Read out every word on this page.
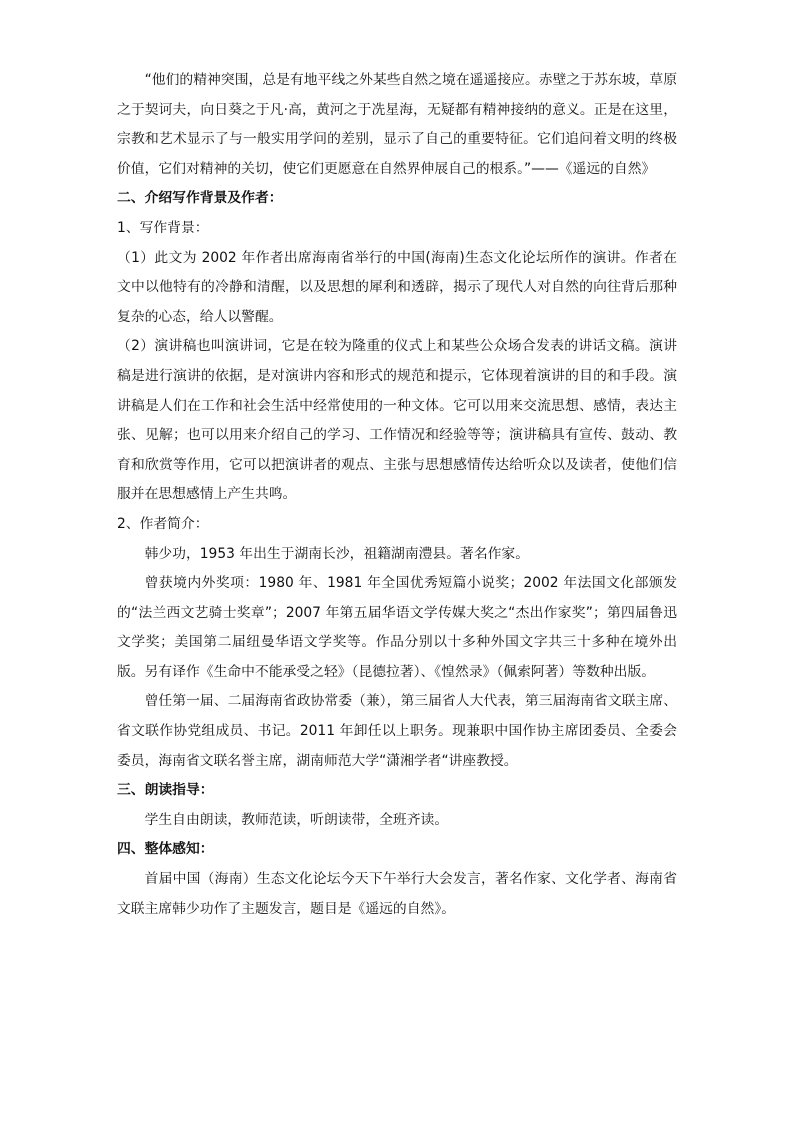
“他们的精神突围，总是有地平线之外某些自然之境在遥遥接应。赤壁之于苏东坡，草原之于契诃夫，向日葵之于凡·高，黄河之于冼星海，无疑都有精神接纳的意义。正是在这里，宗教和艺术显示了与一般实用学问的差别，显示了自己的重要特征。它们追问着文明的终极价值，它们对精神的关切，使它们更愿意在自然界伸展自己的根系。”——《遥远的自然》

二、介绍写作背景及作者：

1、写作背景：

（1）此文为 2002 年作者出席海南省举行的中国(海南)生态文化论坛所作的演讲。作者在文中以他特有的冷静和清醒，以及思想的犀利和透辟，揭示了现代人对自然的向往背后那种复杂的心态，给人以警醒。

（2）演讲稿也叫演讲词，它是在较为隆重的仪式上和某些公众场合发表的讲话文稿。演讲稿是进行演讲的依据，是对演讲内容和形式的规范和提示，它体现着演讲的目的和手段。演讲稿是人们在工作和社会生活中经常使用的一种文体。它可以用来交流思想、感情，表达主张、见解；也可以用来介绍自己的学习、工作情况和经验等等；演讲稿具有宣传、鼓动、教育和欣赏等作用，它可以把演讲者的观点、主张与思想感情传达给听众以及读者，使他们信服并在思想感情上产生共鸣。

2、作者简介：

韩少功，1953 年出生于湖南长沙，祖籍湖南澧县。著名作家。

曾获境内外奖项：1980 年、1981 年全国优秀短篇小说奖；2002 年法国文化部颁发的“法兰西文艺骑士奖章”；2007 年第五届华语文学传媒大奖之“杰出作家奖”；第四届鲁迅文学奖；美国第二届纽曼华语文学奖等。作品分别以十多种外国文字共三十多种在境外出版。另有译作《生命中不能承受之轻》（昆德拉著）、《惶然录》（佩索阿著）等数种出版。

曾任第一届、二届海南省政协常委（兼），第三届省人大代表，第三届海南省文联主席、省文联作协党组成员、书记。2011 年卸任以上职务。现兼职中国作协主席团委员、全委会委员，海南省文联名誉主席，湖南师范大学“潇湘学者“讲座教授。

三、朗读指导：

学生自由朗读，教师范读，听朗读带，全班齐读。

四、整体感知：

首届中国（海南）生态文化论坛今天下午举行大会发言，著名作家、文化学者、海南省文联主席韩少功作了主题发言，题目是《遥远的自然》。
